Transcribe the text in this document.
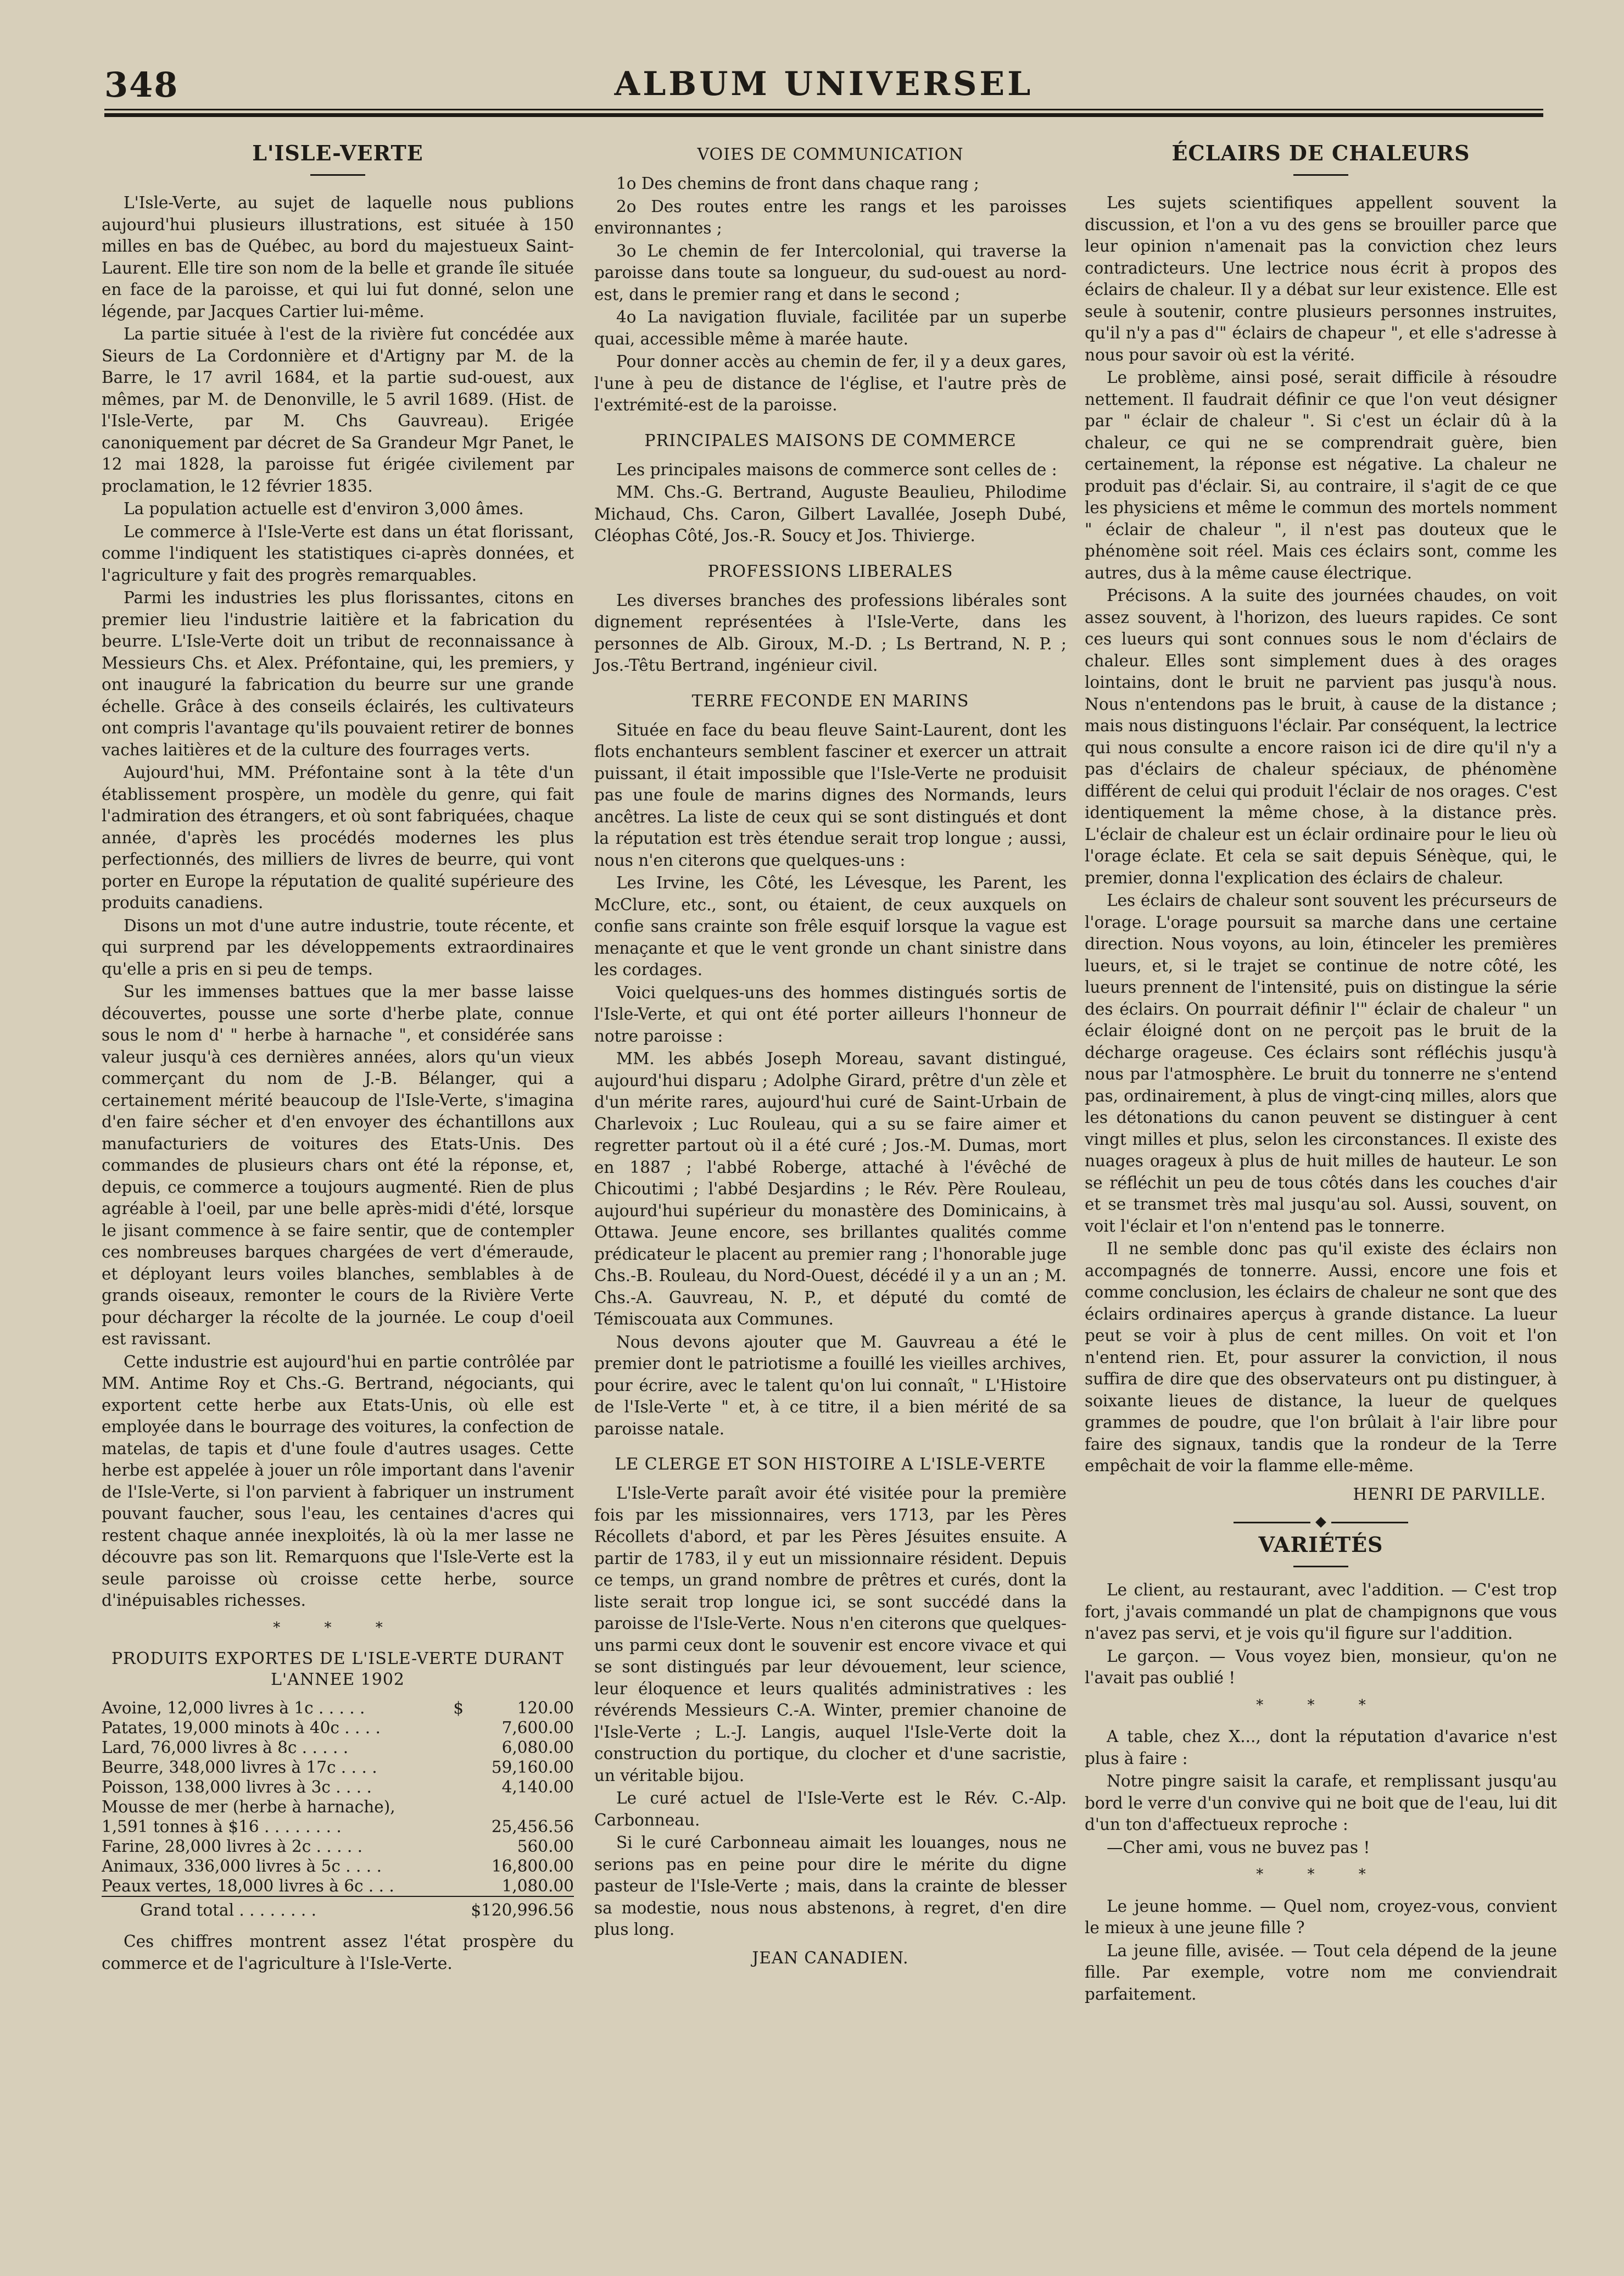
348	ALBUM UNIVERSEL
L'ISLE-VERTE

L'Isle-Verte, au sujet de laquelle nous publions aujourd'hui plusieurs illustrations, est située à 150 milles en bas de Québec, au bord du majestueux Saint-Laurent. Elle tire son nom de la belle et grande île située en face de la paroisse, et qui lui fut donné, selon une légende, par Jacques Cartier lui-même.

La partie située à l'est de la rivière fut concédée aux Sieurs de La Cordonnière et d'Artigny par M. de la Barre, le 17 avril 1684, et la partie sud-ouest, aux mêmes, par M. de Denonville, le 5 avril 1689. (Hist. de l'Isle-Verte, par M. Chs Gauvreau). Erigée canoniquement par décret de Sa Grandeur Mgr Panet, le 12 mai 1828, la paroisse fut érigée civilement par proclamation, le 12 février 1835.

La population actuelle est d'environ 3,000 âmes.

Le commerce à l'Isle-Verte est dans un état florissant, comme l'indiquent les statistiques ci-après données, et l'agriculture y fait des progrès remarquables.

Parmi les industries les plus florissantes, citons en premier lieu l'industrie laitière et la fabrication du beurre. L'Isle-Verte doit un tribut de reconnaissance à Messieurs Chs. et Alex. Préfontaine, qui, les premiers, y ont inauguré la fabrication du beurre sur une grande échelle. Grâce à des conseils éclairés, les cultivateurs ont compris l'avantage qu'ils pouvaient retirer de bonnes vaches laitières et de la culture des fourrages verts.

Aujourd'hui, MM. Préfontaine sont à la tête d'un établissement prospère, un modèle du genre, qui fait l'admiration des étrangers, et où sont fabriquées, chaque année, d'après les procédés modernes les plus perfectionnés, des milliers de livres de beurre, qui vont porter en Europe la réputation de qualité supérieure des produits canadiens.

Disons un mot d'une autre industrie, toute récente, et qui surprend par les développements extraordinaires qu'elle a pris en si peu de temps.

Sur les immenses battues que la mer basse laisse découvertes, pousse une sorte d'herbe plate, connue sous le nom d' " herbe à harnache ", et considérée sans valeur jusqu'à ces dernières années, alors qu'un vieux commerçant du nom de J.-B. Bélanger, qui a certainement mérité beaucoup de l'Isle-Verte, s'imagina d'en faire sécher et d'en envoyer des échantillons aux manufacturiers de voitures des Etats-Unis. Des commandes de plusieurs chars ont été la réponse, et, depuis, ce commerce a toujours augmenté. Rien de plus agréable à l'oeil, par une belle après-midi d'été, lorsque le jisant commence à se faire sentir, que de contempler ces nombreuses barques chargées de vert d'émeraude, et déployant leurs voiles blanches, semblables à de grands oiseaux, remonter le cours de la Rivière Verte pour décharger la récolte de la journée. Le coup d'oeil est ravissant.

Cette industrie est aujourd'hui en partie contrôlée par MM. Antime Roy et Chs.-G. Bertrand, négociants, qui exportent cette herbe aux Etats-Unis, où elle est employée dans le bourrage des voitures, la confection de matelas, de tapis et d'une foule d'autres usages. Cette herbe est appelée à jouer un rôle important dans l'avenir de l'Isle-Verte, si l'on parvient à fabriquer un instrument pouvant faucher, sous l'eau, les centaines d'acres qui restent chaque année inexploités, là où la mer lasse ne découvre pas son lit. Remarquons que l'Isle-Verte est la seule paroisse où croisse cette herbe, source d'inépuisables richesses.

* * *
PRODUITS EXPORTES DE L'ISLE-VERTE DURANT L'ANNEE 1902
Avoine, 12,000 livres à 1c . . . . .	$	120.00
Patates, 19,000 minots à 40c . . . .		7,600.00
Lard, 76,000 livres à 8c . . . . .		6,080.00
Beurre, 348,000 livres à 17c . . . .		59,160.00
Poisson, 138,000 livres à 3c . . . .		4,140.00
Mousse de mer (herbe à harnache),		
1,591 tonnes à $16 . . . . . . . .		25,456.56
Farine, 28,000 livres à 2c . . . . .		560.00
Animaux, 336,000 livres à 5c . . . .		16,800.00
Peaux vertes, 18,000 livres à 6c . . .		1,080.00

Grand total . . . . . . . .	$120,996.56	

Ces chiffres montrent assez l'état prospère du commerce et de l'agriculture à l'Isle-Verte.

VOIES DE COMMUNICATION

1o Des chemins de front dans chaque rang ;

2o Des routes entre les rangs et les paroisses environnantes ;

3o Le chemin de fer Intercolonial, qui traverse la paroisse dans toute sa longueur, du sud-ouest au nord-est, dans le premier rang et dans le second ;

4o La navigation fluviale, facilitée par un superbe quai, accessible même à marée haute.

Pour donner accès au chemin de fer, il y a deux gares, l'une à peu de distance de l'église, et l'autre près de l'extrémité-est de la paroisse.

PRINCIPALES MAISONS DE COMMERCE

Les principales maisons de commerce sont celles de :

MM. Chs.-G. Bertrand, Auguste Beaulieu, Philodime Michaud, Chs. Caron, Gilbert Lavallée, Joseph Dubé, Cléophas Côté, Jos.-R. Soucy et Jos. Thivierge.

PROFESSIONS LIBERALES

Les diverses branches des professions libérales sont dignement représentées à l'Isle-Verte, dans les personnes de Alb. Giroux, M.-D. ; Ls Bertrand, N. P. ; Jos.-Têtu Bertrand, ingénieur civil.

TERRE FECONDE EN MARINS

Située en face du beau fleuve Saint-Laurent, dont les flots enchanteurs semblent fasciner et exercer un attrait puissant, il était impossible que l'Isle-Verte ne produisit pas une foule de marins dignes des Normands, leurs ancêtres. La liste de ceux qui se sont distingués et dont la réputation est très étendue serait trop longue ; aussi, nous n'en citerons que quelques-uns :

Les Irvine, les Côté, les Lévesque, les Parent, les McClure, etc., sont, ou étaient, de ceux auxquels on confie sans crainte son frêle esquif lorsque la vague est menaçante et que le vent gronde un chant sinistre dans les cordages.

Voici quelques-uns des hommes distingués sortis de l'Isle-Verte, et qui ont été porter ailleurs l'honneur de notre paroisse :

MM. les abbés Joseph Moreau, savant distingué, aujourd'hui disparu ; Adolphe Girard, prêtre d'un zèle et d'un mérite rares, aujourd'hui curé de Saint-Urbain de Charlevoix ; Luc Rouleau, qui a su se faire aimer et regretter partout où il a été curé ; Jos.-M. Dumas, mort en 1887 ; l'abbé Roberge, attaché à l'évêché de Chicoutimi ; l'abbé Desjardins ; le Rév. Père Rouleau, aujourd'hui supérieur du monastère des Dominicains, à Ottawa. Jeune encore, ses brillantes qualités comme prédicateur le placent au premier rang ; l'honorable juge Chs.-B. Rouleau, du Nord-Ouest, décédé il y a un an ; M. Chs.-A. Gauvreau, N. P., et député du comté de Témiscouata aux Communes.

Nous devons ajouter que M. Gauvreau a été le premier dont le patriotisme a fouillé les vieilles archives, pour écrire, avec le talent qu'on lui connaît, " L'Histoire de l'Isle-Verte " et, à ce titre, il a bien mérité de sa paroisse natale.

LE CLERGE ET SON HISTOIRE A L'ISLE-VERTE

L'Isle-Verte paraît avoir été visitée pour la première fois par les missionnaires, vers 1713, par les Pères Récollets d'abord, et par les Pères Jésuites ensuite. A partir de 1783, il y eut un missionnaire résident. Depuis ce temps, un grand nombre de prêtres et curés, dont la liste serait trop longue ici, se sont succédé dans la paroisse de l'Isle-Verte. Nous n'en citerons que quelques-uns parmi ceux dont le souvenir est encore vivace et qui se sont distingués par leur dévouement, leur science, leur éloquence et leurs qualités administratives : les révérends Messieurs C.-A. Winter, premier chanoine de l'Isle-Verte ; L.-J. Langis, auquel l'Isle-Verte doit la construction du portique, du clocher et d'une sacristie, un véritable bijou.

Le curé actuel de l'Isle-Verte est le Rév. C.-Alp. Carbonneau.

Si le curé Carbonneau aimait les louanges, nous ne serions pas en peine pour dire le mérite du digne pasteur de l'Isle-Verte ; mais, dans la crainte de blesser sa modestie, nous nous abstenons, à regret, d'en dire plus long.

JEAN CANADIEN.
ÉCLAIRS DE CHALEURS

Les sujets scientifiques appellent souvent la discussion, et l'on a vu des gens se brouiller parce que leur opinion n'amenait pas la conviction chez leurs contradicteurs. Une lectrice nous écrit à propos des éclairs de chaleur. Il y a débat sur leur existence. Elle est seule à soutenir, contre plusieurs personnes instruites, qu'il n'y a pas d'" éclairs de chapeur ", et elle s'adresse à nous pour savoir où est la vérité.

Le problème, ainsi posé, serait difficile à résoudre nettement. Il faudrait définir ce que l'on veut désigner par " éclair de chaleur ". Si c'est un éclair dû à la chaleur, ce qui ne se comprendrait guère, bien certainement, la réponse est négative. La chaleur ne produit pas d'éclair. Si, au contraire, il s'agit de ce que les physiciens et même le commun des mortels nomment " éclair de chaleur ", il n'est pas douteux que le phénomène soit réel. Mais ces éclairs sont, comme les autres, dus à la même cause électrique.

Précisons. A la suite des journées chaudes, on voit assez souvent, à l'horizon, des lueurs rapides. Ce sont ces lueurs qui sont connues sous le nom d'éclairs de chaleur. Elles sont simplement dues à des orages lointains, dont le bruit ne parvient pas jusqu'à nous. Nous n'entendons pas le bruit, à cause de la distance ; mais nous distinguons l'éclair. Par conséquent, la lectrice qui nous consulte a encore raison ici de dire qu'il n'y a pas d'éclairs de chaleur spéciaux, de phénomène différent de celui qui produit l'éclair de nos orages. C'est identiquement la même chose, à la distance près. L'éclair de chaleur est un éclair ordinaire pour le lieu où l'orage éclate. Et cela se sait depuis Sénèque, qui, le premier, donna l'explication des éclairs de chaleur.

Les éclairs de chaleur sont souvent les précurseurs de l'orage. L'orage poursuit sa marche dans une certaine direction. Nous voyons, au loin, étinceler les premières lueurs, et, si le trajet se continue de notre côté, les lueurs prennent de l'intensité, puis on distingue la série des éclairs. On pourrait définir l'" éclair de chaleur " un éclair éloigné dont on ne perçoit pas le bruit de la décharge orageuse. Ces éclairs sont réfléchis jusqu'à nous par l'atmosphère. Le bruit du tonnerre ne s'entend pas, ordinairement, à plus de vingt-cinq milles, alors que les détonations du canon peuvent se distinguer à cent vingt milles et plus, selon les circonstances. Il existe des nuages orageux à plus de huit milles de hauteur. Le son se réfléchit un peu de tous côtés dans les couches d'air et se transmet très mal jusqu'au sol. Aussi, souvent, on voit l'éclair et l'on n'entend pas le tonnerre.

Il ne semble donc pas qu'il existe des éclairs non accompagnés de tonnerre. Aussi, encore une fois et comme conclusion, les éclairs de chaleur ne sont que des éclairs ordinaires aperçus à grande distance. La lueur peut se voir à plus de cent milles. On voit et l'on n'entend rien. Et, pour assurer la conviction, il nous suffira de dire que des observateurs ont pu distinguer, à soixante lieues de distance, la lueur de quelques grammes de poudre, que l'on brûlait à l'air libre pour faire des signaux, tandis que la rondeur de la Terre empêchait de voir la flamme elle-même.

HENRI DE PARVILLE.
VARIÉTÉS

Le client, au restaurant, avec l'addition. — C'est trop fort, j'avais commandé un plat de champignons que vous n'avez pas servi, et je vois qu'il figure sur l'addition.

Le garçon. — Vous voyez bien, monsieur, qu'on ne l'avait pas oublié !

* * *

A table, chez X..., dont la réputation d'avarice n'est plus à faire :

Notre pingre saisit la carafe, et remplissant jusqu'au bord le verre d'un convive qui ne boit que de l'eau, lui dit d'un ton d'affectueux reproche :

—Cher ami, vous ne buvez pas !

* * *

Le jeune homme. — Quel nom, croyez-vous, convient le mieux à une jeune fille ?

La jeune fille, avisée. — Tout cela dépend de la jeune fille. Par exemple, votre nom me conviendrait parfaitement.
